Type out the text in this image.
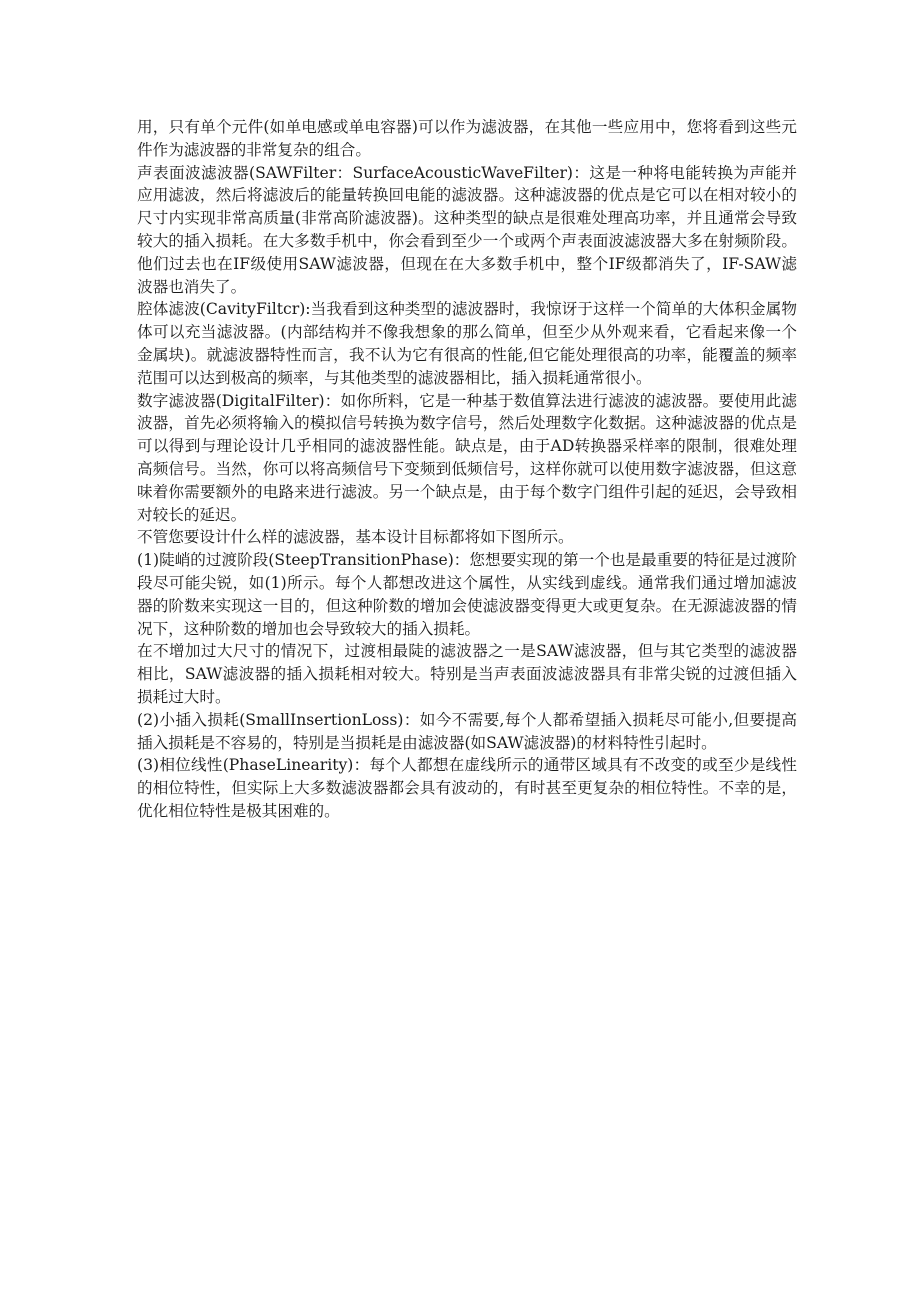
用，只有单个元件(如单电感或单电容器)可以作为滤波器，在其他一些应用中，您将看到这些元件作为滤波器的非常复杂的组合。

声表面波滤波器(SAWFilter：SurfaceAcousticWaveFilter)：这是一种将电能转换为声能并应用滤波，然后将滤波后的能量转换回电能的滤波器。这种滤波器的优点是它可以在相对较小的尺寸内实现非常高质量(非常高阶滤波器)。这种类型的缺点是很难处理高功率，并且通常会导致较大的插入损耗。在大多数手机中，你会看到至少一个或两个声表面波滤波器大多在射频阶段。他们过去也在IF级使用SAW滤波器，但现在在大多数手机中，整个IF级都消失了，IF-SAW滤波器也消失了。

腔体滤波(CavityFiltcr):当我看到这种类型的滤波器时，我惊讶于这样一个简单的大体积金属物体可以充当滤波器。(内部结构并不像我想象的那么简单，但至少从外观来看，它看起来像一个金属块)。就滤波器特性而言，我不认为它有很高的性能,但它能处理很高的功率，能覆盖的频率范围可以达到极高的频率，与其他类型的滤波器相比，插入损耗通常很小。

数字滤波器(DigitalFilter)：如你所料，它是一种基于数值算法进行滤波的滤波器。要使用此滤波器，首先必须将输入的模拟信号转换为数字信号，然后处理数字化数据。这种滤波器的优点是可以得到与理论设计几乎相同的滤波器性能。缺点是，由于AD转换器采样率的限制，很难处理高频信号。当然，你可以将高频信号下变频到低频信号，这样你就可以使用数字滤波器，但这意味着你需要额外的电路来进行滤波。另一个缺点是，由于每个数字门组件引起的延迟，会导致相对较长的延迟。

不管您要设计什么样的滤波器，基本设计目标都将如下图所示。

(1)陡峭的过渡阶段(SteepTransitionPhase)：您想要实现的第一个也是最重要的特征是过渡阶段尽可能尖锐，如(1)所示。每个人都想改进这个属性，从实线到虚线。通常我们通过增加滤波器的阶数来实现这一目的，但这种阶数的增加会使滤波器变得更大或更复杂。在无源滤波器的情况下，这种阶数的增加也会导致较大的插入损耗。

在不增加过大尺寸的情况下，过渡相最陡的滤波器之一是SAW滤波器，但与其它类型的滤波器相比，SAW滤波器的插入损耗相对较大。特别是当声表面波滤波器具有非常尖锐的过渡但插入损耗过大时。

(2)小插入损耗(SmallInsertionLoss)：如今不需要,每个人都希望插入损耗尽可能小,但要提高插入损耗是不容易的，特别是当损耗是由滤波器(如SAW滤波器)的材料特性引起时。

(3)相位线性(PhaseLinearity)：每个人都想在虚线所示的通带区域具有不改变的或至少是线性的相位特性，但实际上大多数滤波器都会具有波动的，有时甚至更复杂的相位特性。不幸的是，优化相位特性是极其困难的。
